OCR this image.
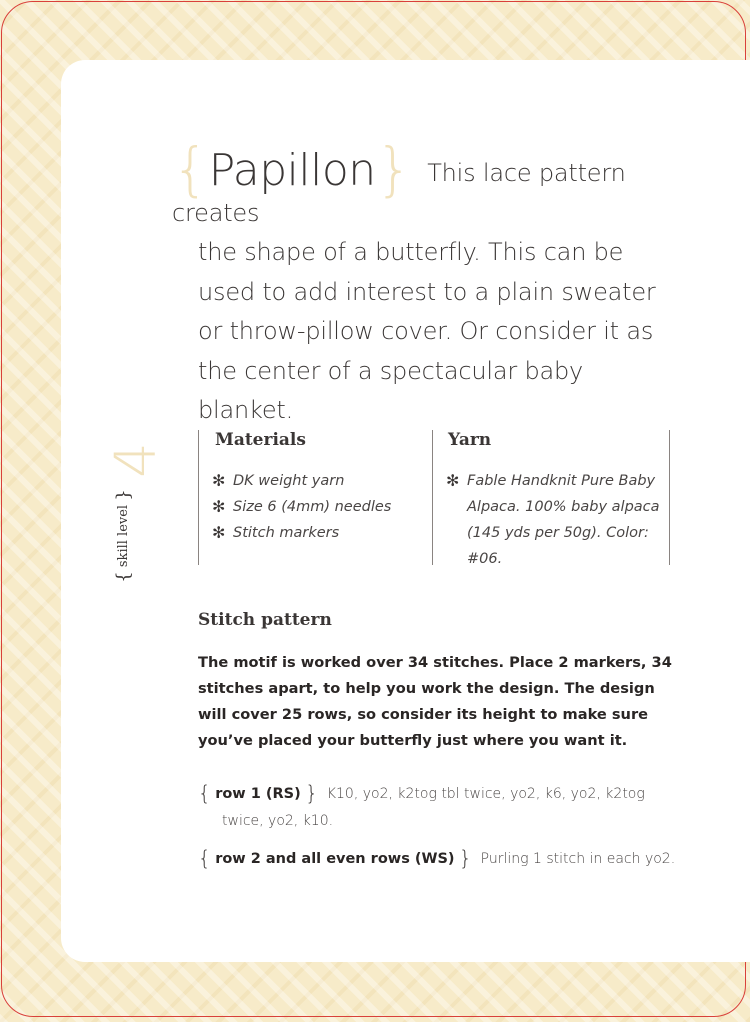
{Papillon} This lace pattern creates
the shape of a butterfly. This can be used to add interest to a plain sweater or throw-pillow cover. Or consider it as the center of a spectacular baby blanket.
4
{ skill level }
Materials
✻ DK weight yarn
✻ Size 6 (4mm) needles
✻ Stitch markers
Yarn
✻ Fable Handknit Pure Baby Alpaca. 100% baby alpaca (145 yds per 50g). Color: #06.
Stitch pattern

The motif is worked over 34 stitches. Place 2 markers, 34 stitches apart, to help you work the design. The design will cover 25 rows, so consider its height to make sure you’ve placed your butterfly just where you want it.

{ row 1 (RS) } K10, yo2, k2tog tbl twice, yo2, k6, yo2, k2tog twice, yo2, k10.

{ row 2 and all even rows (WS) } Purling 1 stitch in each yo2.
